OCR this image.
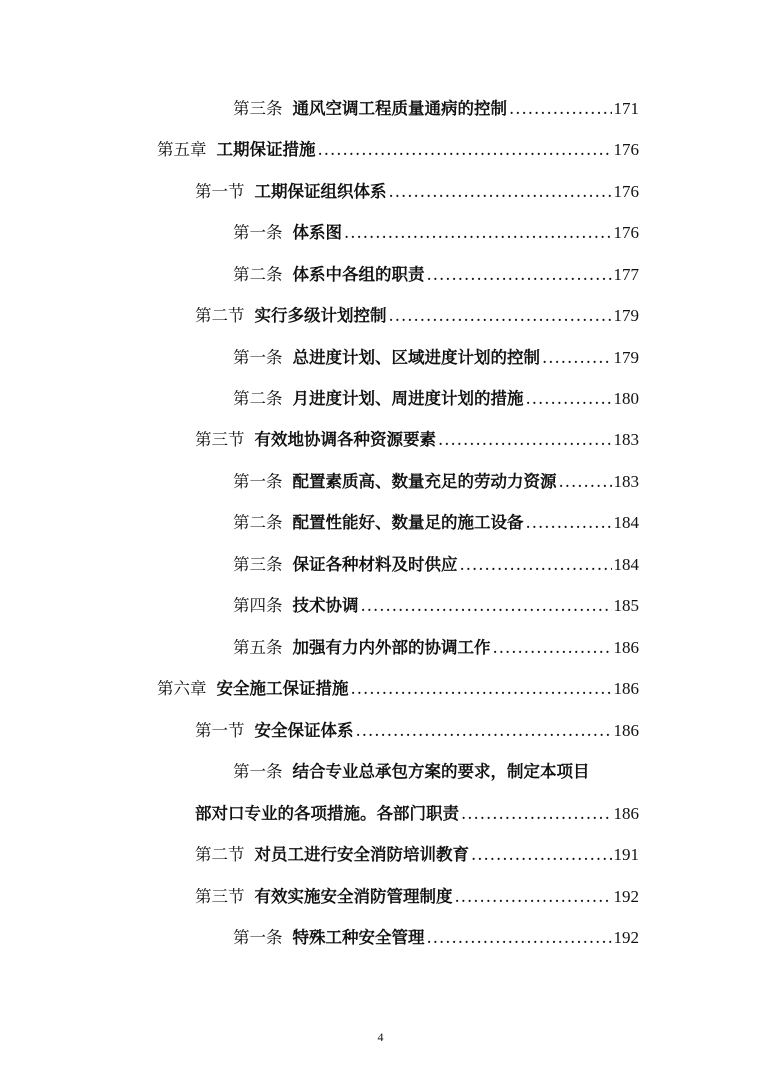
第三条 通风空调工程质量通病的控制 .....	171
第五章 工期保证措施 .....	176
第一节 工期保证组织体系 .....	176
第一条 体系图 .....	176
第二条 体系中各组的职责 .....	177
第二节 实行多级计划控制 .....	179
第一条 总进度计划、区域进度计划的控制 .....	179
第二条 月进度计划、周进度计划的措施 .....	180
第三节 有效地协调各种资源要素 .....	183
第一条 配置素质高、数量充足的劳动力资源 .....	183
第二条 配置性能好、数量足的施工设备 .....	184
第三条 保证各种材料及时供应 .....	184
第四条 技术协调 .....	185
第五条 加强有力内外部的协调工作 .....	186
第六章 安全施工保证措施 .....	186
第一节 安全保证体系 .....	186
第一条 结合专业总承包方案的要求，制定本项目
部对口专业的各项措施。各部门职责 .....	186
第二节 对员工进行安全消防培训教育 .....	191
第三节 有效实施安全消防管理制度 .....	192
第一条 特殊工种安全管理 .....	192
4
